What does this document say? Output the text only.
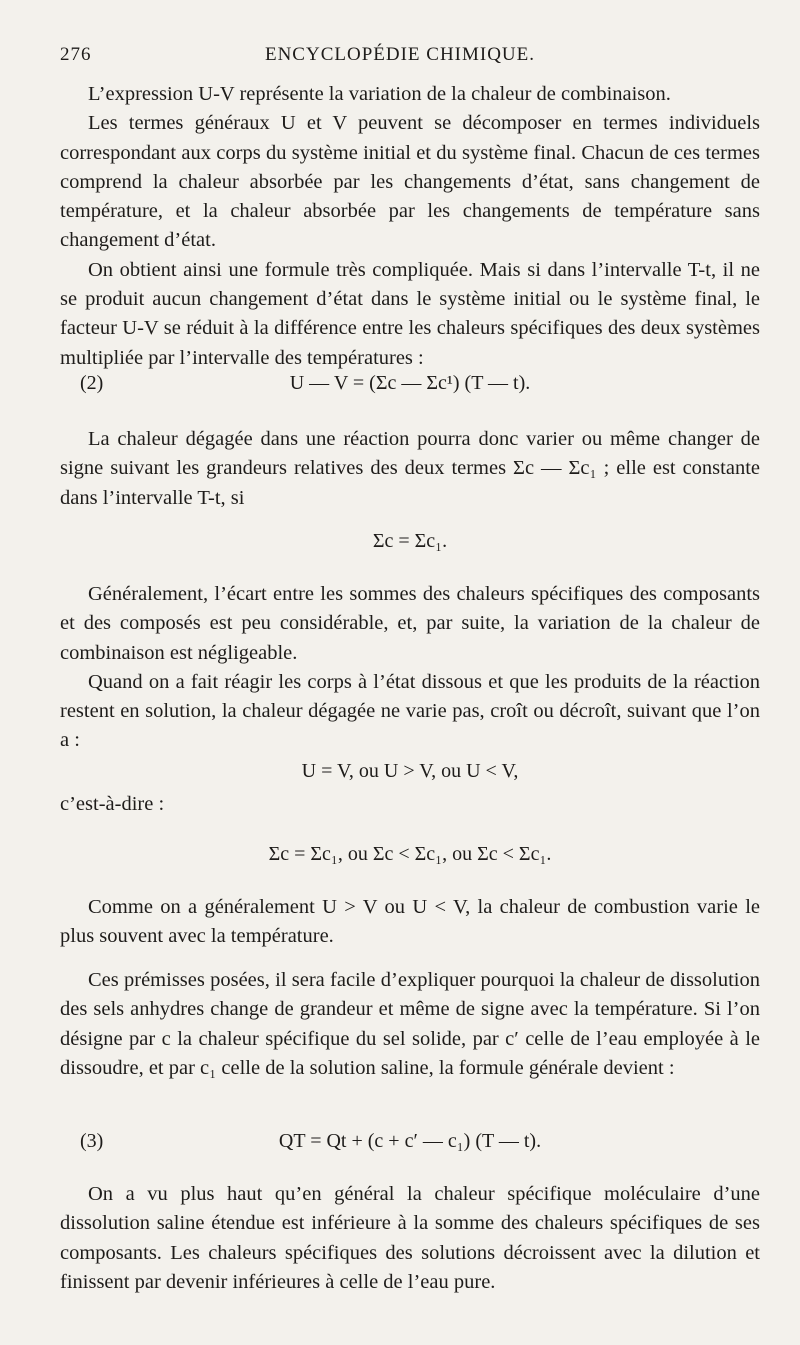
276	ENCYCLOPÉDIE CHIMIQUE.

L’expression U-V représente la variation de la chaleur de combinaison.

Les termes généraux U et V peuvent se décomposer en termes individuels correspondant aux corps du système initial et du système final. Chacun de ces termes comprend la chaleur absorbée par les changements d’état, sans changement de température, et la chaleur absorbée par les changements de température sans changement d’état.

On obtient ainsi une formule très compliquée. Mais si dans l’intervalle T-t, il ne se produit aucun changement d’état dans le système initial ou le système final, le facteur U-V se réduit à la différence entre les chaleurs spécifiques des deux systèmes multipliée par l’intervalle des températures :

(2)	U — V = (Σc — Σc¹) (T — t).

La chaleur dégagée dans une réaction pourra donc varier ou même changer de signe suivant les grandeurs relatives des deux termes Σc — Σc₁ ; elle est constante dans l’intervalle T-t, si

Σc = Σc₁.

Généralement, l’écart entre les sommes des chaleurs spécifiques des composants et des composés est peu considérable, et, par suite, la variation de la chaleur de combinaison est négligeable.

Quand on a fait réagir les corps à l’état dissous et que les produits de la réaction restent en solution, la chaleur dégagée ne varie pas, croît ou décroît, suivant que l’on a :

U = V, ou U > V, ou U < V,

c’est-à-dire :

Σc = Σc₁, ou Σc < Σc₁, ou Σc < Σc₁.

Comme on a généralement U > V ou U < V, la chaleur de combustion varie le plus souvent avec la température.

Ces prémisses posées, il sera facile d’expliquer pourquoi la chaleur de dissolution des sels anhydres change de grandeur et même de signe avec la température. Si l’on désigne par c la chaleur spécifique du sel solide, par c′ celle de l’eau employée à le dissoudre, et par c₁ celle de la solution saline, la formule générale devient :

(3)	QT = Qt + (c + c′ — c₁) (T — t).

On a vu plus haut qu’en général la chaleur spécifique moléculaire d’une dissolution saline étendue est inférieure à la somme des chaleurs spécifiques de ses composants. Les chaleurs spécifiques des solutions décroissent avec la dilution et finissent par devenir inférieures à celle de l’eau pure.
